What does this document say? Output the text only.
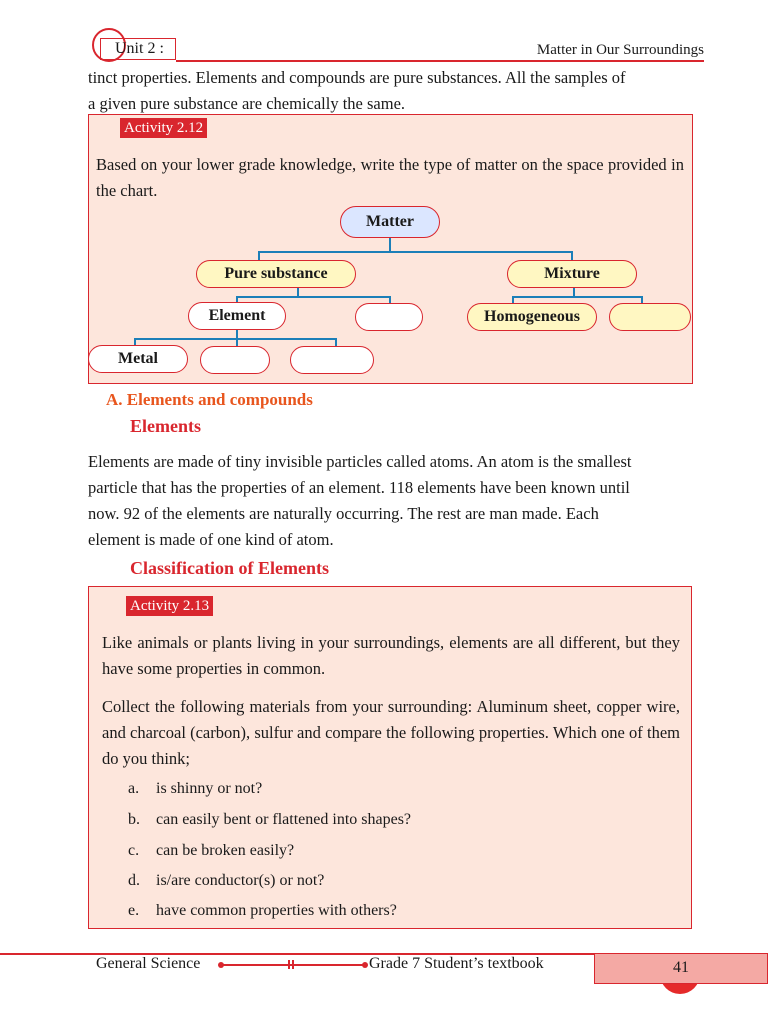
Unit 2 :	Matter in Our Surroundings
tinct properties. Elements and compounds are pure substances. All the samples of
a given pure substance are chemically the same.
Activity 2.12
Based on your lower grade knowledge, write the type of matter on the space provided in the chart.
Matter
Pure substance	Mixture
Element	Homogeneous
Metal
A. Elements and compounds
Elements
Elements are made of tiny invisible particles called atoms. An atom is the smallest
particle that has the properties of an element. 118 elements have been known until
now. 92 of the elements are naturally occurring. The rest are man made. Each
element is made of one kind of atom.
Classification of Elements
Activity 2.13
Like animals or plants living in your surroundings, elements are all different, but they have some properties in common.
Collect the following materials from your surrounding: Aluminum sheet, copper wire, and charcoal (carbon), sulfur and compare the following properties. Which one of them do you think;
a. is shinny or not?
b. can easily bent or flattened into shapes?
c. can be broken easily?
d. is/are conductor(s) or not?
e. have common properties with others?
General Science	Grade 7 Student’s textbook	41
